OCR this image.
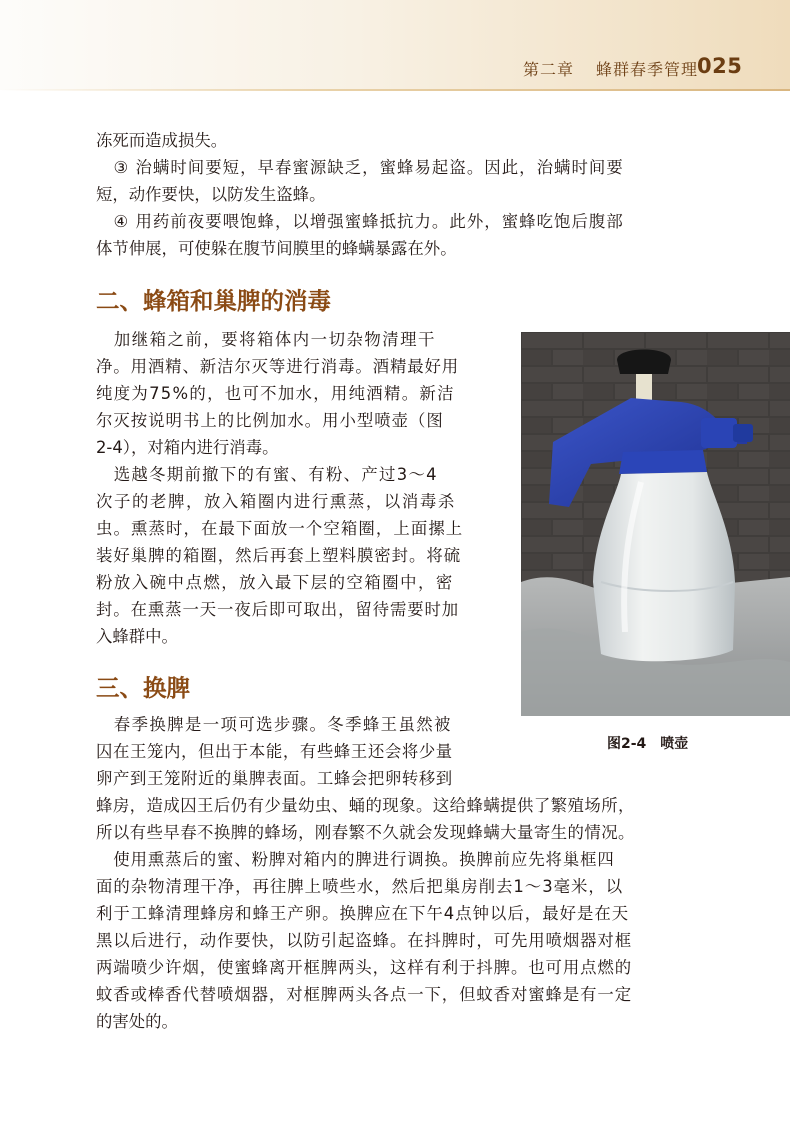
第二章 蜂群春季管理 025

冻死而造成损失。

　③ 治螨时间要短，早春蜜源缺乏，蜜蜂易起盗。因此，治螨时间要

短，动作要快，以防发生盗蜂。

　④ 用药前夜要喂饱蜂，以增强蜜蜂抵抗力。此外，蜜蜂吃饱后腹部

体节伸展，可使躲在腹节间膜里的蜂螨暴露在外。

二、蜂箱和巢脾的消毒

　加继箱之前，要将箱体内一切杂物清理干

净。用酒精、新洁尔灭等进行消毒。酒精最好用

纯度为75%的，也可不加水，用纯酒精。新洁

尔灭按说明书上的比例加水。用小型喷壶（图

2-4），对箱内进行消毒。

　选越冬期前撤下的有蜜、有粉、产过3～4

次子的老脾，放入箱圈内进行熏蒸，以消毒杀

虫。熏蒸时，在最下面放一个空箱圈，上面摞上

装好巢脾的箱圈，然后再套上塑料膜密封。将硫

粉放入碗中点燃，放入最下层的空箱圈中，密

封。在熏蒸一天一夜后即可取出，留待需要时加

入蜂群中。

三、换脾

　春季换脾是一项可选步骤。冬季蜂王虽然被

囚在王笼内，但出于本能，有些蜂王还会将少量

卵产到王笼附近的巢脾表面。工蜂会把卵转移到

蜂房，造成囚王后仍有少量幼虫、蛹的现象。这给蜂螨提供了繁殖场所，

所以有些早春不换脾的蜂场，刚春繁不久就会发现蜂螨大量寄生的情况。

　使用熏蒸后的蜜、粉脾对箱内的脾进行调换。换脾前应先将巢框四

面的杂物清理干净，再往脾上喷些水，然后把巢房削去1～3毫米，以

利于工蜂清理蜂房和蜂王产卵。换脾应在下午4点钟以后，最好是在天

黑以后进行，动作要快，以防引起盗蜂。在抖脾时，可先用喷烟器对框

两端喷少许烟，使蜜蜂离开框脾两头，这样有利于抖脾。也可用点燃的

蚊香或棒香代替喷烟器，对框脾两头各点一下，但蚊香对蜜蜂是有一定

的害处的。

图2-4 喷壶
